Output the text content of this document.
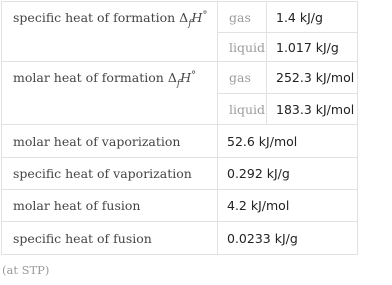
specific heat of formation $\Delta_fH^\circ$	gas	1.4 kJ/g
	liquid	1.017 kJ/g

molar heat of formation $\Delta_fH^\circ$	gas	252.3 kJ/mol
	liquid	183.3 kJ/mol
molar heat of vaporization	52.6 kJ/mol	
specific heat of vaporization	0.292 kJ/g	
molar heat of fusion	4.2 kJ/mol	
specific heat of fusion	0.0233 kJ/g	
(at STP)
